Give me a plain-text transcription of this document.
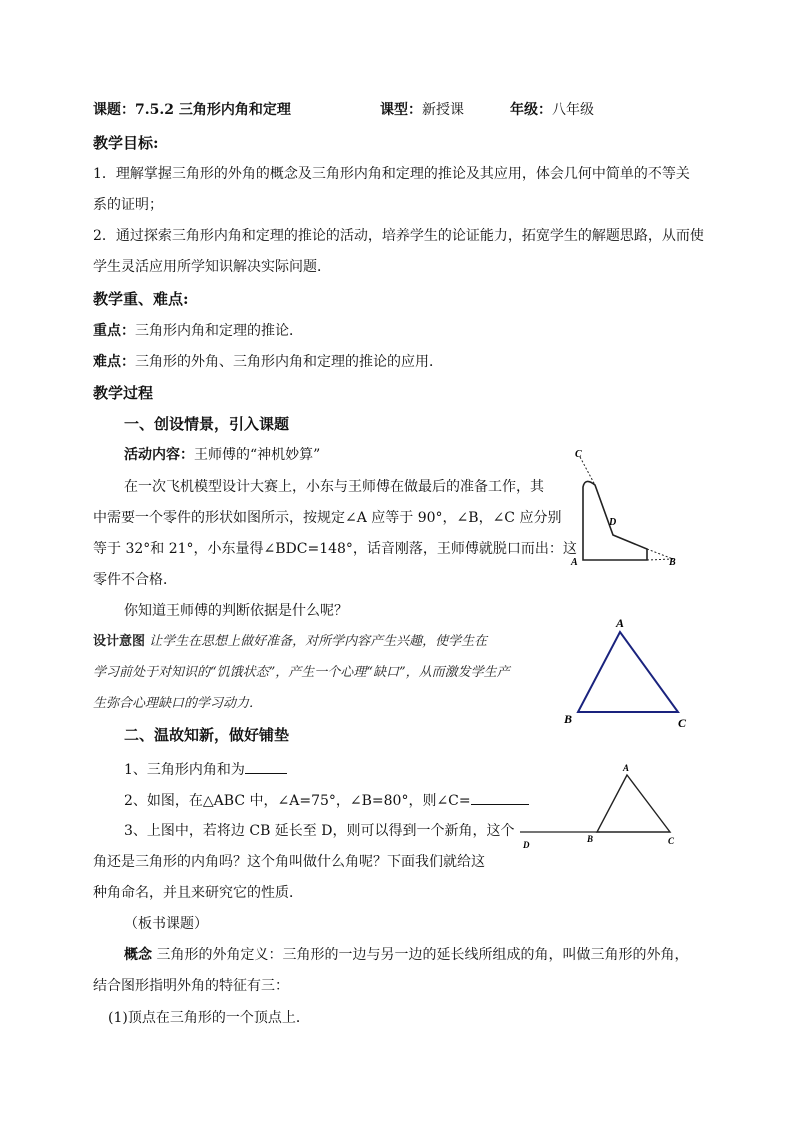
课题：7.5.2 三角形内角和定理	课型：新授课	年级：八年级
教学目标:
1．理解掌握三角形的外角的概念及三角形内角和定理的推论及其应用，体会几何中简单的不等关
系的证明；
2．通过探索三角形内角和定理的推论的活动，培养学生的论证能力，拓宽学生的解题思路，从而使
学生灵活应用所学知识解决实际问题．
教学重、难点:
重点：三角形内角和定理的推论．
难点：三角形的外角、三角形内角和定理的推论的应用．
教学过程
一、创设情景，引入课题
活动内容：王师傅的“神机妙算”
在一次飞机模型设计大赛上，小东与王师傅在做最后的准备工作，其
中需要一个零件的形状如图所示，按规定∠A 应等于 90°，∠B，∠C 应分别
等于 32°和 21°，小东量得∠BDC=148°，话音刚落，王师傅就脱口而出：这
零件不合格．
你知道王师傅的判断依据是什么呢？
设计意图 让学生在思想上做好准备，对所学内容产生兴趣，使学生在
学习前处于对知识的“饥饿状态”，产生一个心理“缺口”，从而激发学生产
生弥合心理缺口的学习动力．
二、温故知新，做好铺垫
1、三角形内角和为
2、如图，在△ABC 中，∠A=75°，∠B=80°，则∠C=
3、上图中，若将边 CB 延长至 D，则可以得到一个新角，这个
角还是三角形的内角吗？这个角叫做什么角呢？下面我们就给这
种角命名，并且来研究它的性质．
（板书课题）
概念 三角形的外角定义：三角形的一边与另一边的延长线所组成的角，叫做三角形的外角，
结合图形指明外角的特征有三：
(1)顶点在三角形的一个顶点上．
C
D
A	B
A
B	C
A
D
B	C
